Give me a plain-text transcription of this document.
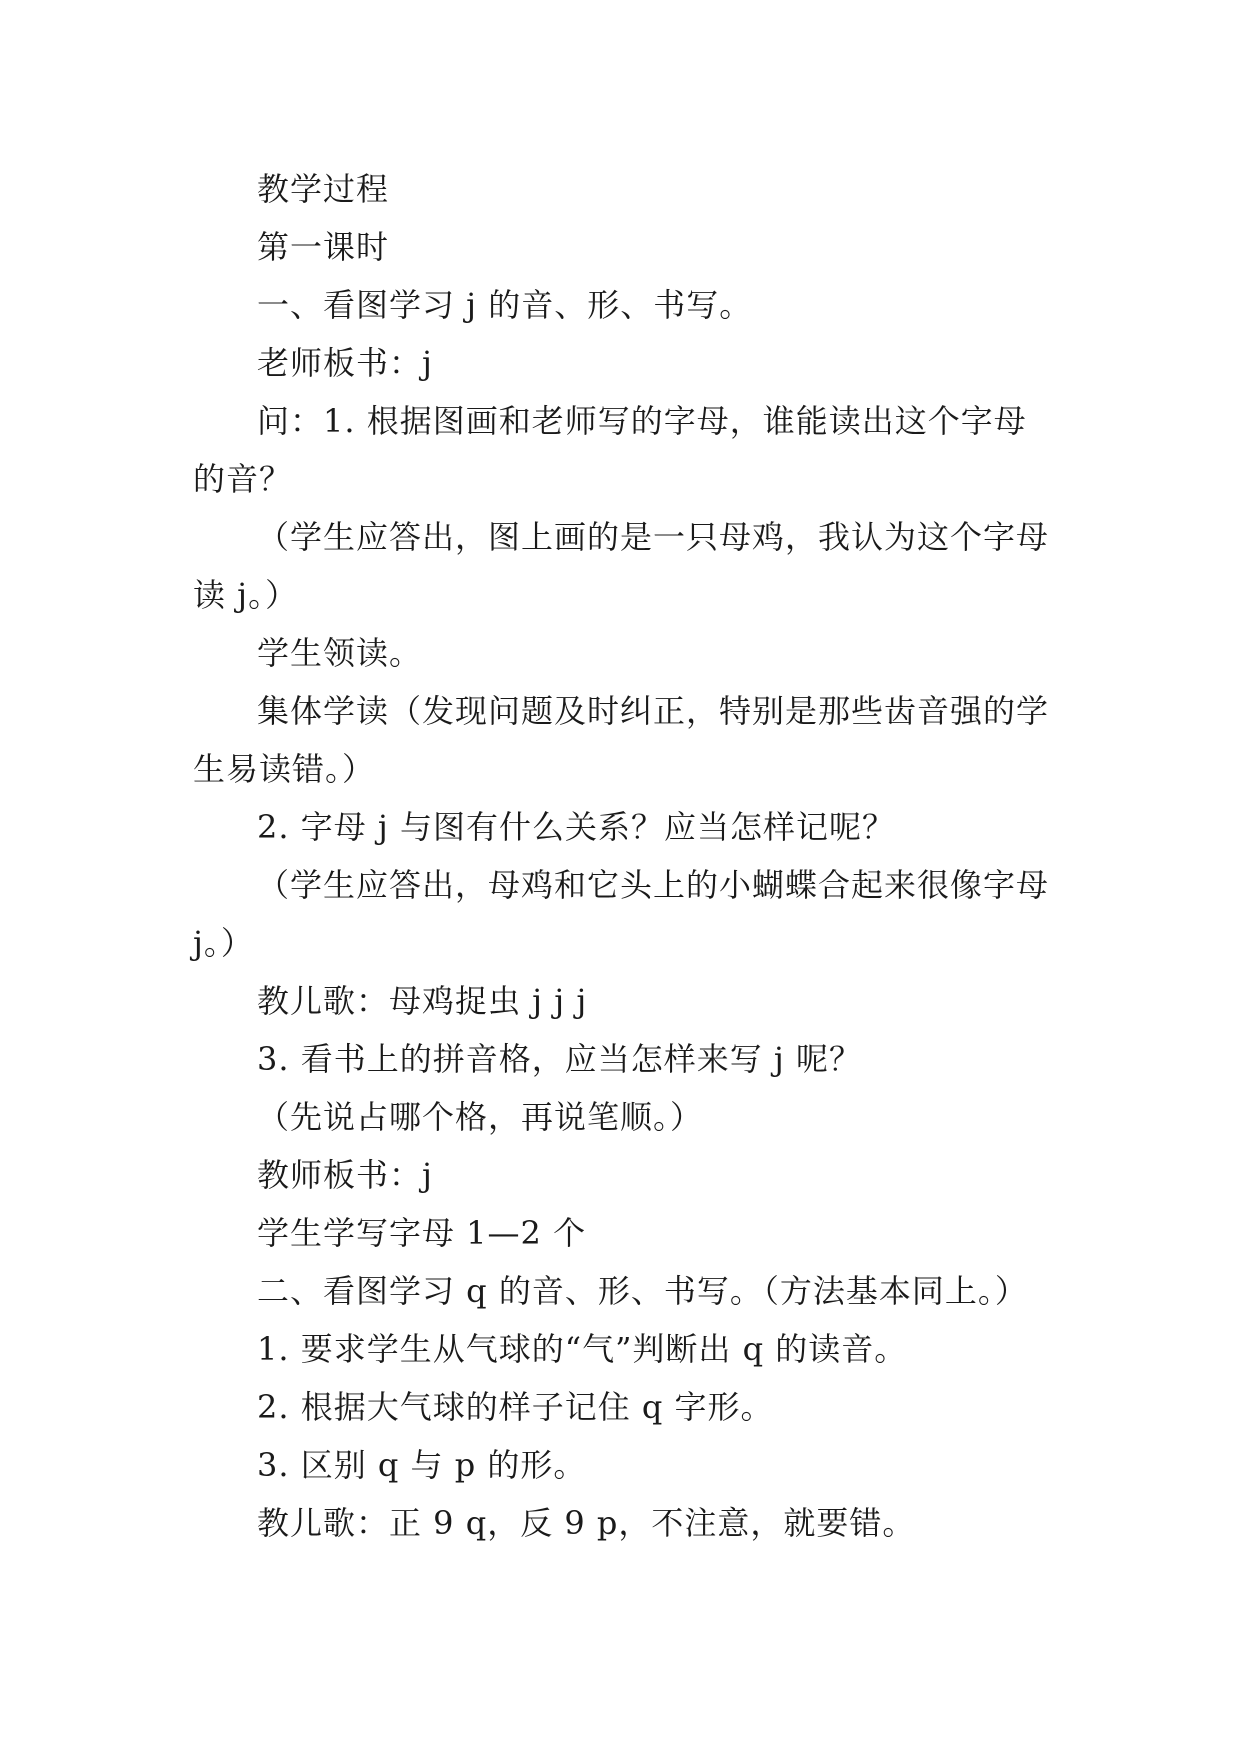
教学过程

第一课时

一、看图学习 j 的音、形、书写。

老师板书：j

问：1. 根据图画和老师写的字母，谁能读出这个字母的音？

（学生应答出，图上画的是一只母鸡，我认为这个字母读 j。）

学生领读。

集体学读（发现问题及时纠正，特别是那些齿音强的学生易读错。）

2. 字母 j 与图有什么关系？应当怎样记呢？

（学生应答出，母鸡和它头上的小蝴蝶合起来很像字母 j。）

教儿歌：母鸡捉虫 j j j

3. 看书上的拼音格，应当怎样来写 j 呢？

（先说占哪个格，再说笔顺。）

教师板书：j

学生学写字母 1—2 个

二、看图学习 q 的音、形、书写。（方法基本同上。）

1. 要求学生从气球的“气”判断出 q 的读音。

2. 根据大气球的样子记住 q 字形。

3. 区别 q 与 p 的形。

教儿歌：正 9 q，反 9 p，不注意，就要错。
